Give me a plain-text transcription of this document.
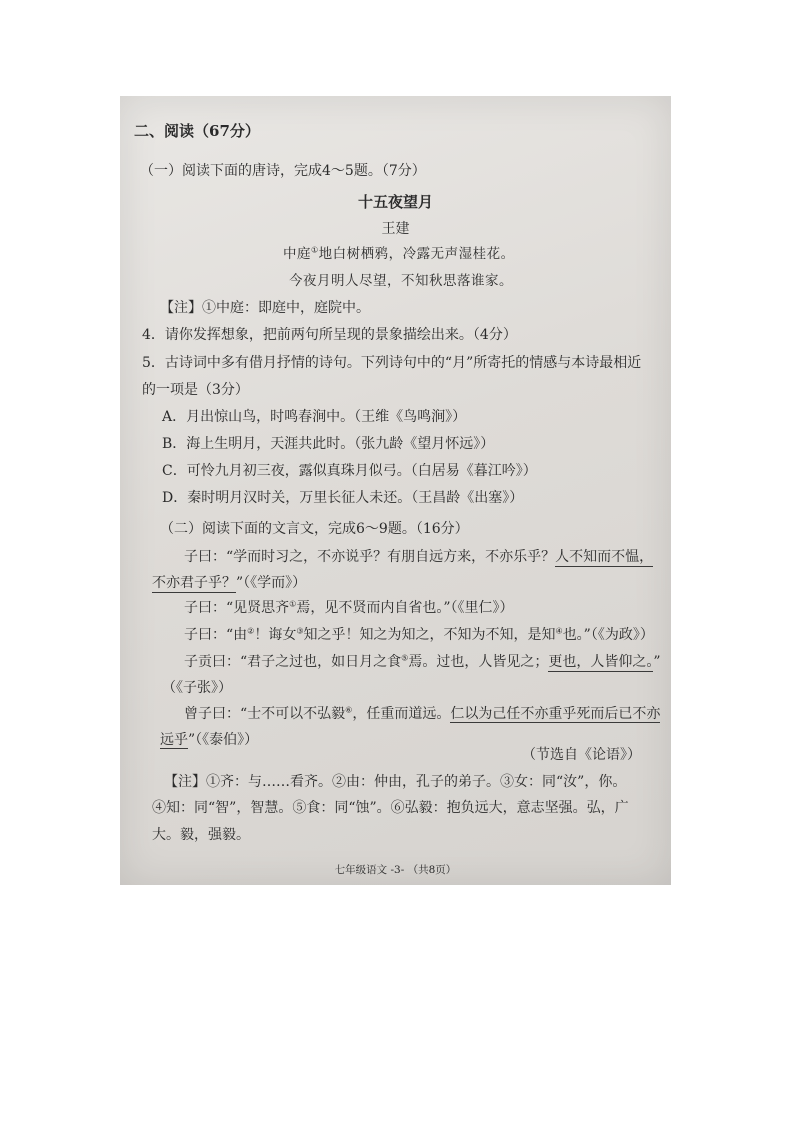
二、阅读（67分）
（一）阅读下面的唐诗，完成4～5题。（7分）
十五夜望月
王建
中庭①地白树栖鸦，冷露无声湿桂花。
今夜月明人尽望，不知秋思落谁家。
【注】①中庭：即庭中，庭院中。
4．请你发挥想象，把前两句所呈现的景象描绘出来。（4分）
5．古诗词中多有借月抒情的诗句。下列诗句中的“月”所寄托的情感与本诗最相近
的一项是（3分）
A．月出惊山鸟，时鸣春涧中。（王维《鸟鸣涧》）
B．海上生明月，天涯共此时。（张九龄《望月怀远》）
C．可怜九月初三夜，露似真珠月似弓。（白居易《暮江吟》）
D．秦时明月汉时关，万里长征人未还。（王昌龄《出塞》）
（二）阅读下面的文言文，完成6～9题。（16分）
子曰：“学而时习之，不亦说乎？有朋自远方来，不亦乐乎？人不知而不愠，
不亦君子乎？”（《学而》）
子曰：“见贤思齐①焉，见不贤而内自省也。”（《里仁》）
子曰：“由②！诲女③知之乎！知之为知之，不知为不知，是知④也。”（《为政》）
子贡曰：“君子之过也，如日月之食⑤焉。过也，人皆见之；更也，人皆仰之。”
（《子张》）
曾子曰：“士不可以不弘毅⑥，任重而道远。仁以为己任不亦重乎死而后已不亦
远乎”（《泰伯》）
（节选自《论语》）
【注】①齐：与……看齐。②由：仲由，孔子的弟子。③女：同“汝”，你。
④知：同“智”，智慧。⑤食：同“蚀”。⑥弘毅：抱负远大，意志坚强。弘，广
大。毅，强毅。
七年级语文 -3- （共8页）
